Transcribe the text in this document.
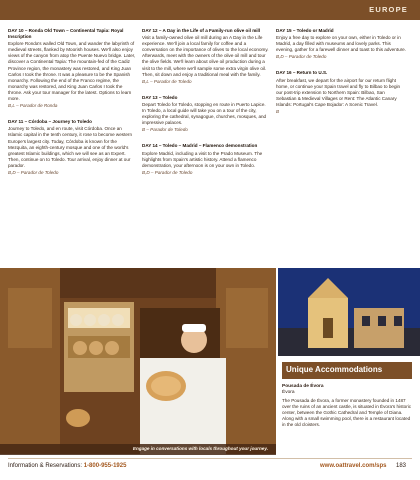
EUROPE
DAY 10 – Ronda Old Town – Continental Tapia: Royal Inscription
Explore Ronda's walled Old Town, and wander the labyrinth of medieval streets, flanked by Moorish houses. We'll also enjoy views of the canyon from atop the Puente Nuevo bridge. Later, discover a Continental Tapia: The mountain-fed of the Cadiz Province region, the monastery was restored, and King Juan Carlos I took the throne. It was a pleasure to be the Spanish monarchy. Following the end of the Franco regime, the monarchy was restored, and King Juan Carlos I took the throne. Ask your tour manager for the latest. Options to learn more.
B,L – Parador de Ronda
DAY 11 – Córdoba – Journey to Toledo
Journey to Toledo, and en route, visit Córdoba. Once an Islamic capital in the tenth century, it rose to become western Europe's largest city. Today, Córdoba is known for the Mezquita, an eighth-century mosque and one of the world's greatest Islamic buildings, which we will see as an Expert. Then, continue on to Toledo. Tour arrival, enjoy dinner at our parador.
B,D – Parador de Toledo
DAY 12 – A Day in the Life of a Family-run olive oil mill
Visit a family-owned olive oil mill during an A Day in the Life experience. We'll join a local family for coffee and a conversation on the importance of olives to the local economy. Afterwards, meet with the owners of the olive oil mill and tour the olive fields. We'll learn about olive oil production during a visit to the mill, where we'll sample some extra virgin olive oil. Then, sit down and enjoy a traditional meal with the family.
B,L – Parador de Toledo
DAY 13 – Toledo
Depart Toledo for Toledo, stopping en route in Puerto Lapice. In Toledo, a local guide will take you on a tour of the city, exploring the cathedral, synagogue, churches, mosques, and impressive palaces.
B – Parador de Toledo
DAY 14 – Toledo – Madrid – Flamenco demonstration
Explore Madrid, including a visit to the Prado Museum. The highlights from Spain's artistic history. Attend a flamenco demonstration, your afternoon is on your own in Toledo.
B,D – Parador de Toledo
DAY 15 – Toledo or Madrid
Enjoy a free day to explore on your own, either in Toledo or in Madrid, a day filled with museums and lovely parks. This evening, gather for a farewell dinner and toast to this adventure.
B,D – Parador de Toledo
DAY 16 – Return to U.S.
After breakfast, we depart for the airport for our return flight home, or continue your Spain travel and fly to Bilbao to begin our post-trip extension to Northern Spain: Bilbao, San Sebastian & Medieval Villages or Rent: The Atlantic Canary Islands: Portugal's Cape Bojador: A Scenic Travel.
B
Engage in conversations with locals throughout your journey.
Unique Accommodations
Pousada de Évora
Évora
The Pousada de Évora, a former monastery founded in 1487 over the ruins of an ancient castle, is situated in Évora's historic center, between the Gothic Cathedral and Temple of Diana. Along with a small swimming pool, there is a restaurant located in the old cloisters.
Information & Reservations: 1-800-955-1925	www.oattravel.com/sps 183
